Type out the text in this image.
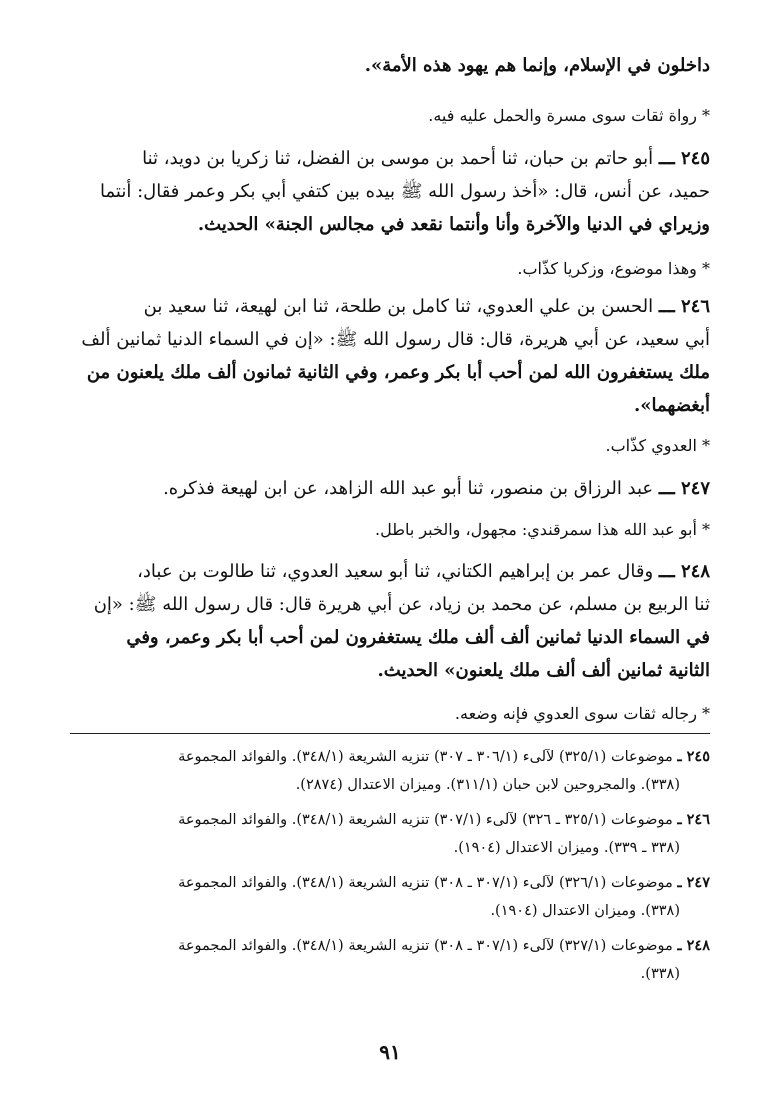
داخلون في الإسلام، وإنما هم يهود هذه الأمة».
* رواة ثقات سوى مسرة والحمل عليه فيه.
٢٤٥ ـــ أبو حاتم بن حبان، ثنا أحمد بن موسى بن الفضل، ثنا زكريا بن دويد، ثنا
حميد، عن أنس، قال: «أخذ رسول الله ﷺ بيده بين كتفي أبي بكر وعمر فقال: أنتما
وزيراي في الدنيا والآخرة وأنا وأنتما نقعد في مجالس الجنة» الحديث.
* وهذا موضوع، وزكريا كذّاب.
٢٤٦ ـــ الحسن بن علي العدوي، ثنا كامل بن طلحة، ثنا ابن لهيعة، ثنا سعيد بن
أبي سعيد، عن أبي هريرة، قال: قال رسول الله ﷺ: «إن في السماء الدنيا ثمانين ألف
ملك يستغفرون الله لمن أحب أبا بكر وعمر، وفي الثانية ثمانون ألف ملك يلعنون من
أبغضهما».
* العدوي كذّاب.
٢٤٧ ـــ عبد الرزاق بن منصور، ثنا أبو عبد الله الزاهد، عن ابن لهيعة فذكره.
* أبو عبد الله هذا سمرقندي: مجهول، والخبر باطل.
٢٤٨ ـــ وقال عمر بن إبراهيم الكتاني، ثنا أبو سعيد العدوي، ثنا طالوت بن عباد،
ثنا الربيع بن مسلم، عن محمد بن زياد، عن أبي هريرة قال: قال رسول الله ﷺ: «إن
في السماء الدنيا ثمانين ألف ألف ملك يستغفرون لمن أحب أبا بكر وعمر، وفي
الثانية ثمانين ألف ألف ملك يلعنون» الحديث.
* رجاله ثقات سوى العدوي فإنه وضعه.
٢٤٥ ـ موضوعات (٣٢٥/١) لآلىء (٣٠٦/١ ـ ٣٠٧) تنزيه الشريعة (٣٤٨/١). والفوائد المجموعة
(٣٣٨). والمجروحين لابن حبان (٣١١/١). وميزان الاعتدال (٢٨٧٤).
٢٤٦ ـ موضوعات (٣٢٥/١ ـ ٣٢٦) لآلىء (٣٠٧/١) تنزيه الشريعة (٣٤٨/١). والفوائد المجموعة
(٣٣٨ ـ ٣٣٩). وميزان الاعتدال (١٩٠٤).
٢٤٧ ـ موضوعات (٣٢٦/١) لآلىء (٣٠٧/١ ـ ٣٠٨) تنزيه الشريعة (٣٤٨/١). والفوائد المجموعة
(٣٣٨). وميزان الاعتدال (١٩٠٤).
٢٤٨ ـ موضوعات (٣٢٧/١) لآلىء (٣٠٧/١ ـ ٣٠٨) تنزيه الشريعة (٣٤٨/١). والفوائد المجموعة
(٣٣٨).
٩١
